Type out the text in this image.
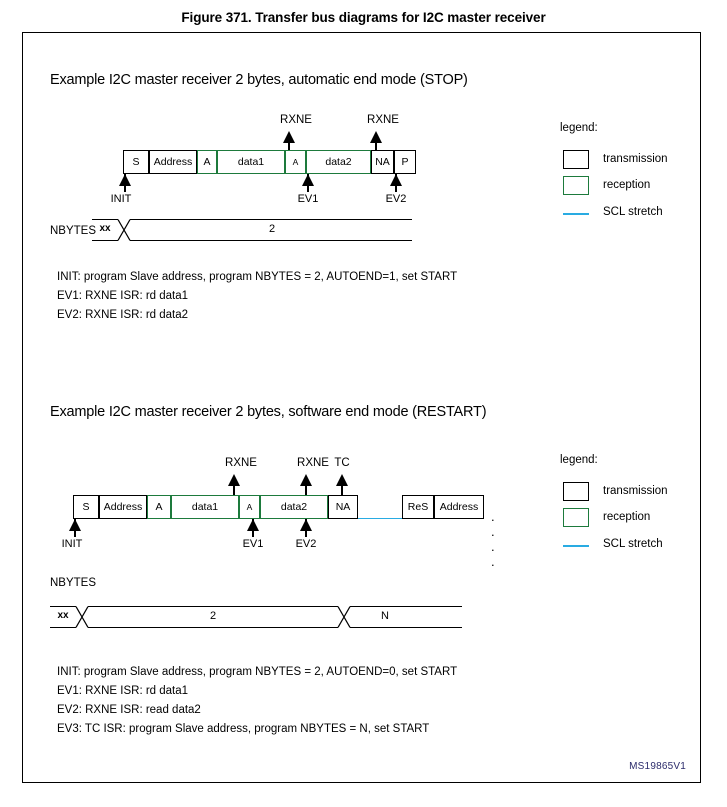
Figure 371. Transfer bus diagrams for I2C master receiver
Example I2C master receiver 2 bytes, automatic end mode (STOP)
RXNE	RXNE
S	Address	A	data1	A	data2	NA	P
INIT	EV1	EV2
NBYTES xx	2
legend:
transmission
reception
SCL stretch
INIT: program Slave address, program NBYTES = 2, AUTOEND=1, set START
EV1: RXNE ISR: rd data1
EV2: RXNE ISR: rd data2
Example I2C master receiver 2 bytes, software end mode (RESTART)
RXNE	RXNE TC
S	Address	A	data1	A	data2	NA	ReS	Address
. . . .
INIT	EV1	EV2
NBYTES
xx	2	N
legend:
transmission
reception
SCL stretch
INIT: program Slave address, program NBYTES = 2, AUTOEND=0, set START
EV1: RXNE ISR: rd data1
EV2: RXNE ISR: read data2
EV3: TC ISR: program Slave address, program NBYTES = N, set START
MS19865V1
